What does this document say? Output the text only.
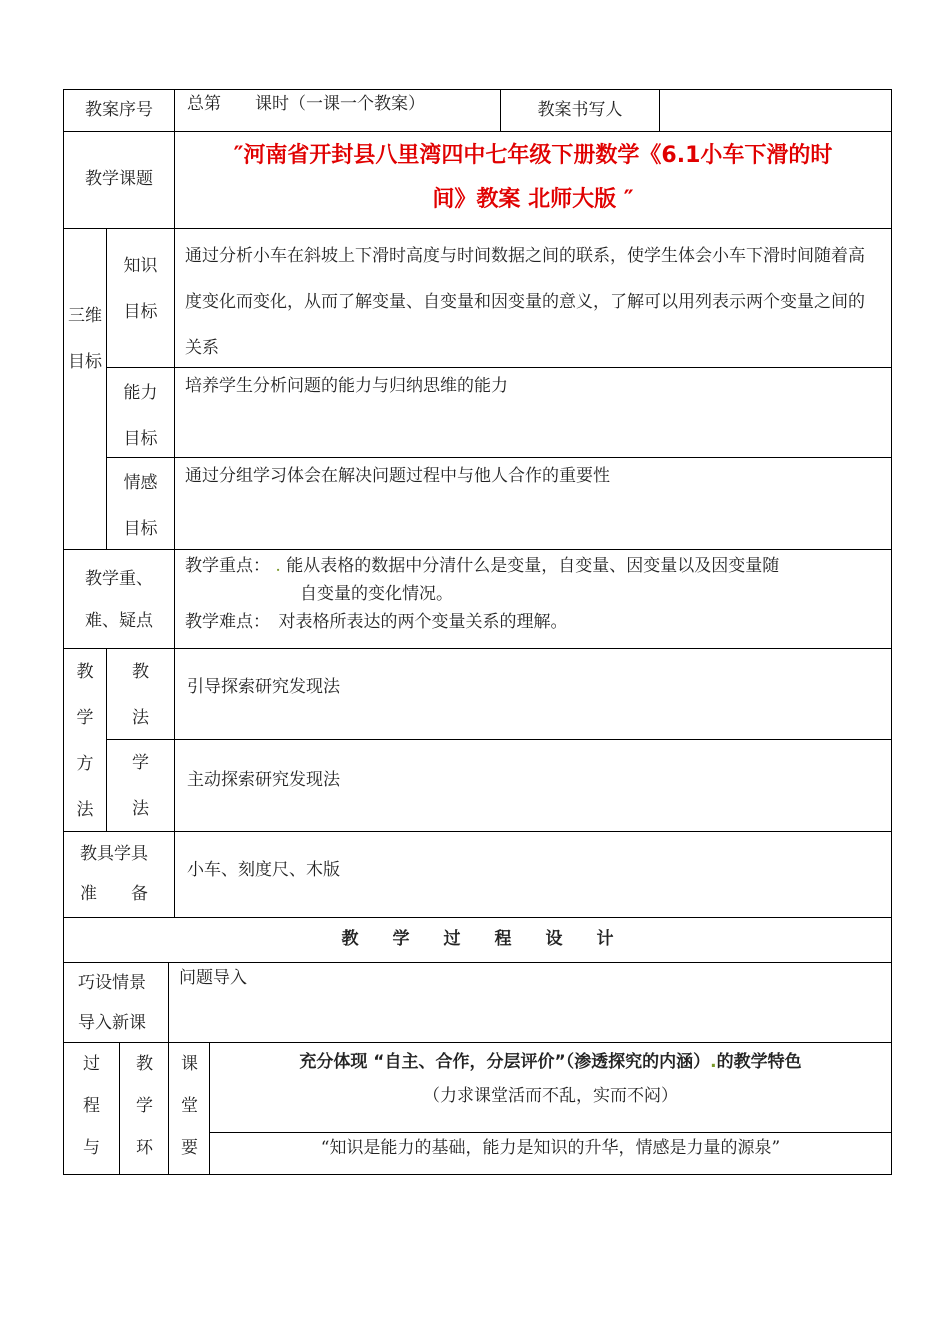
教案序号	总第　　课时（一课一个教案）	教案书写人
教学课题
″河南省开封县八里湾四中七年级下册数学《6.1小车下滑的时
间》教案 北师大版 ″
三维目标
知识目标
通过分析小车在斜坡上下滑时高度与时间数据之间的联系，使学生体会小车下滑时间随着高度变化而变化，从而了解变量、自变量和因变量的意义，了解可以用列表示两个变量之间的关系
能力目标
培养学生分析问题的能力与归纳思维的能力
情感目标
通过分组学习体会在解决问题过程中与他人合作的重要性
教学重、难、疑点
教学重点： . 能从表格的数据中分清什么是变量，自变量、因变量以及因变量随
自变量的变化情况。
教学难点：　 对表格所表达的两个变量关系的理解。
教学方法
教法
引导探索研究发现法
学法
主动探索研究发现法
教具学具
准　　备
小车、刻度尺、木版
教　　学　　过　　程　　设　　计
巧设情景导入新课
问题导入
过程与
教学环
课堂要
充分体现 “自主、合作，分层评价”（渗透探究的内涵）.的教学特色
（力求课堂活而不乱，实而不闷）
“知识是能力的基础，能力是知识的升华，情感是力量的源泉”
